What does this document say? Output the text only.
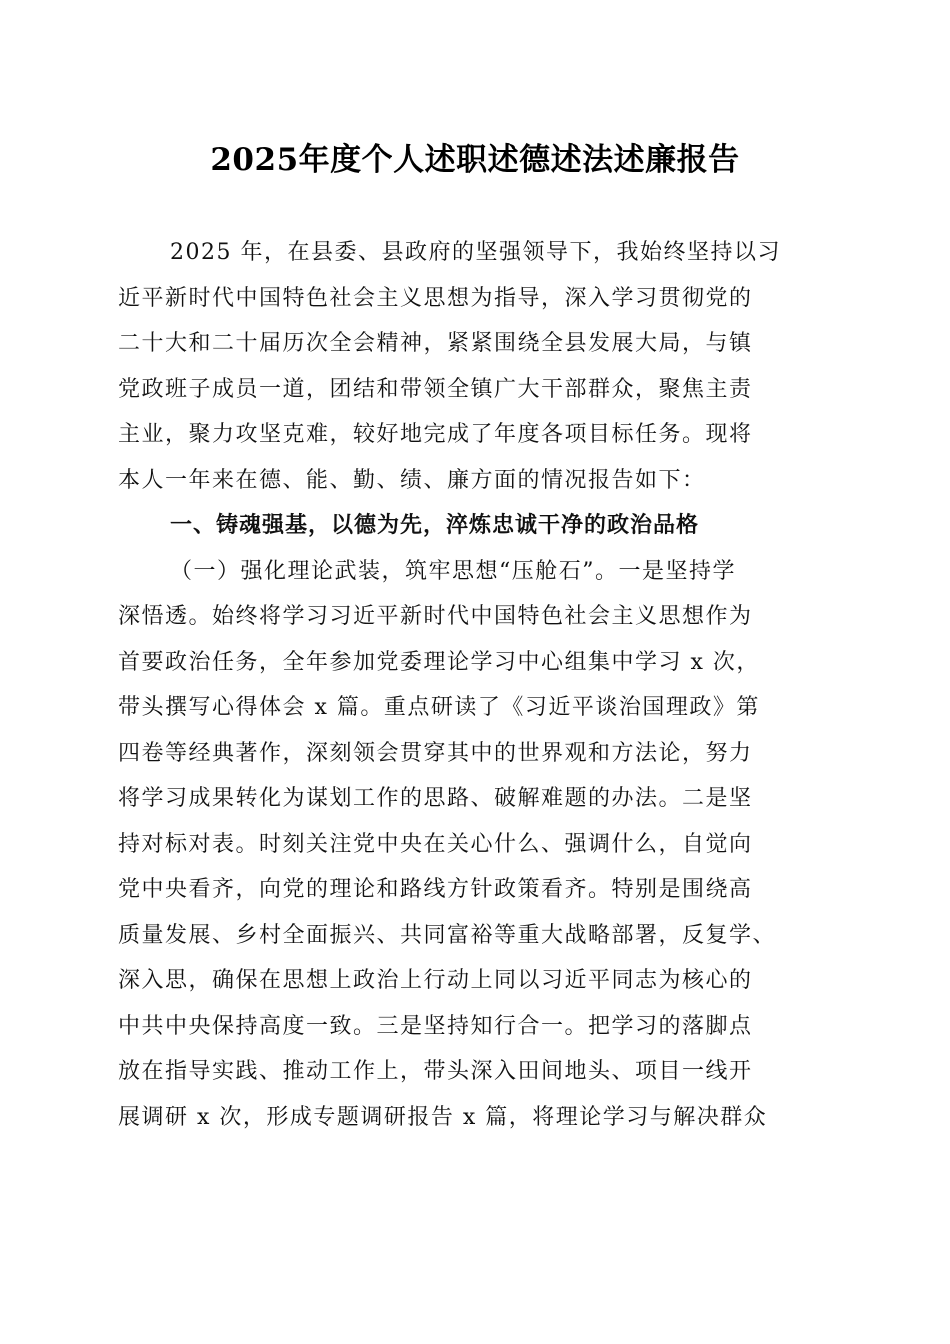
2025年度个人述职述德述法述廉报告
2025 年，在县委、县政府的坚强领导下，我始终坚持以习
近平新时代中国特色社会主义思想为指导，深入学习贯彻党的
二十大和二十届历次全会精神，紧紧围绕全县发展大局，与镇
党政班子成员一道，团结和带领全镇广大干部群众，聚焦主责
主业，聚力攻坚克难，较好地完成了年度各项目标任务。现将
本人一年来在德、能、勤、绩、廉方面的情况报告如下：
一、铸魂强基，以德为先，淬炼忠诚干净的政治品格
（一）强化理论武装，筑牢思想“压舱石”。一是坚持学
深悟透。始终将学习习近平新时代中国特色社会主义思想作为
首要政治任务，全年参加党委理论学习中心组集中学习 x 次，
带头撰写心得体会 x 篇。重点研读了《习近平谈治国理政》第
四卷等经典著作，深刻领会贯穿其中的世界观和方法论，努力
将学习成果转化为谋划工作的思路、破解难题的办法。二是坚
持对标对表。时刻关注党中央在关心什么、强调什么，自觉向
党中央看齐，向党的理论和路线方针政策看齐。特别是围绕高
质量发展、乡村全面振兴、共同富裕等重大战略部署，反复学、
深入思，确保在思想上政治上行动上同以习近平同志为核心的
中共中央保持高度一致。三是坚持知行合一。把学习的落脚点
放在指导实践、推动工作上，带头深入田间地头、项目一线开
展调研 x 次，形成专题调研报告 x 篇，将理论学习与解决群众
